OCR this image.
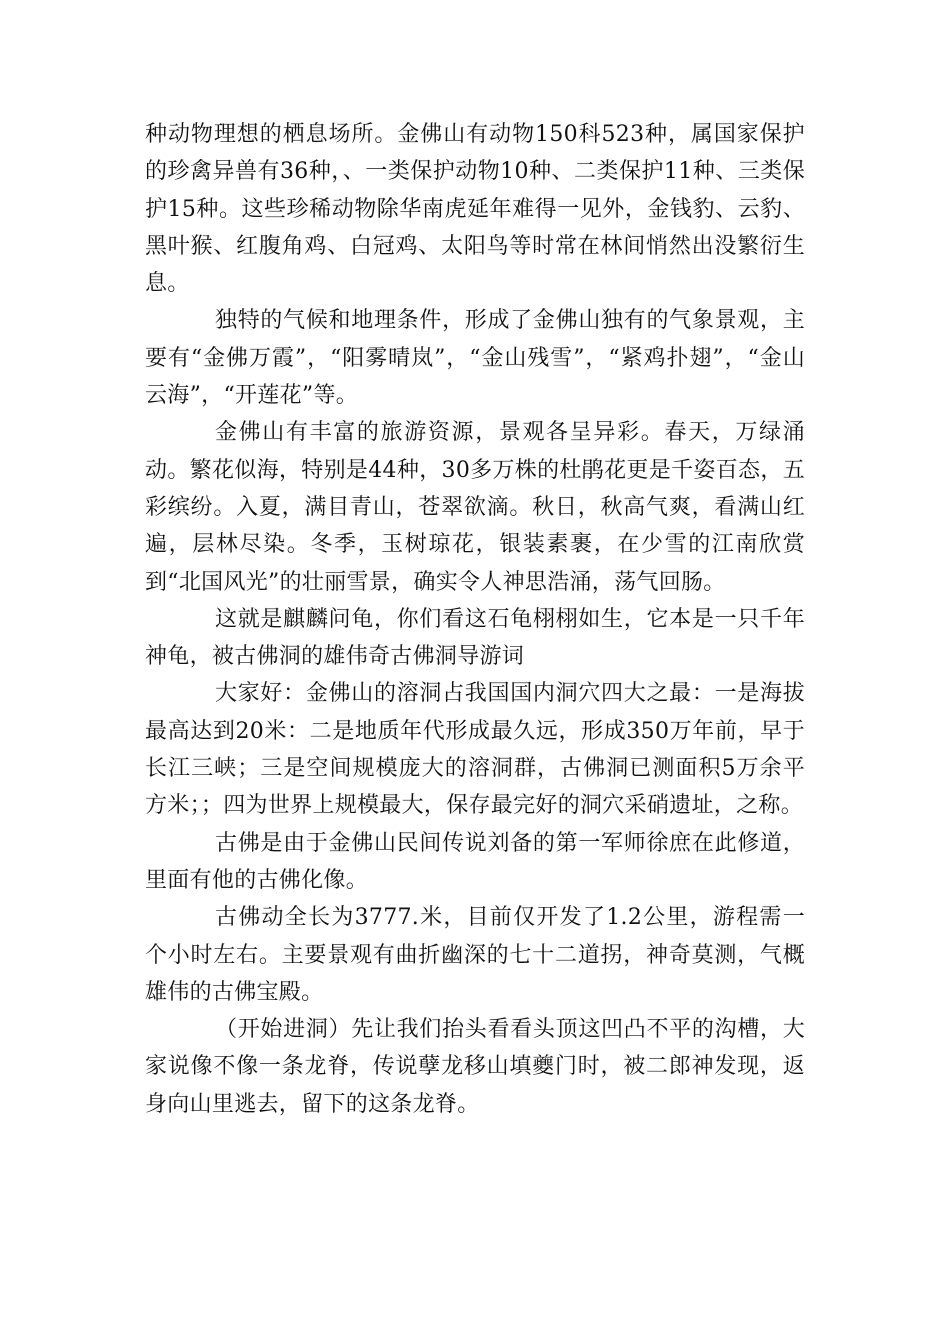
种动物理想的栖息场所。金佛山有动物150科523种，属国家保护的珍禽异兽有36种，、一类保护动物10种、二类保护11种、三类保护15种。这些珍稀动物除华南虎延年难得一见外，金钱豹、云豹、黑叶猴、红腹角鸡、白冠鸡、太阳鸟等时常在林间悄然出没繁衍生息。

独特的气候和地理条件，形成了金佛山独有的气象景观，主要有“金佛万霞”，“阳雾晴岚”，“金山残雪”，“紧鸡扑翅”，“金山云海”，“开莲花”等。

金佛山有丰富的旅游资源，景观各呈异彩。春天，万绿涌动。繁花似海，特别是44种，30多万株的杜鹃花更是千姿百态，五彩缤纷。入夏，满目青山，苍翠欲滴。秋日，秋高气爽，看满山红遍，层林尽染。冬季，玉树琼花，银装素裹，在少雪的江南欣赏到“北国风光”的壮丽雪景，确实令人神思浩涌，荡气回肠。

这就是麒麟问龟，你们看这石龟栩栩如生，它本是一只千年神龟，被古佛洞的雄伟奇古佛洞导游词

大家好：金佛山的溶洞占我国国内洞穴四大之最：一是海拔最高达到20米：二是地质年代形成最久远，形成350万年前，早于长江三峡；三是空间规模庞大的溶洞群，古佛洞已测面积5万余平方米；；四为世界上规模最大，保存最完好的洞穴采硝遗址，之称。

古佛是由于金佛山民间传说刘备的第一军师徐庶在此修道，里面有他的古佛化像。

古佛动全长为3777.米，目前仅开发了1.2公里，游程需一个小时左右。主要景观有曲折幽深的七十二道拐，神奇莫测，气概雄伟的古佛宝殿。

（开始进洞）先让我们抬头看看头顶这凹凸不平的沟槽，大家说像不像一条龙脊，传说孽龙移山填夔门时，被二郎神发现，返身向山里逃去，留下的这条龙脊。
